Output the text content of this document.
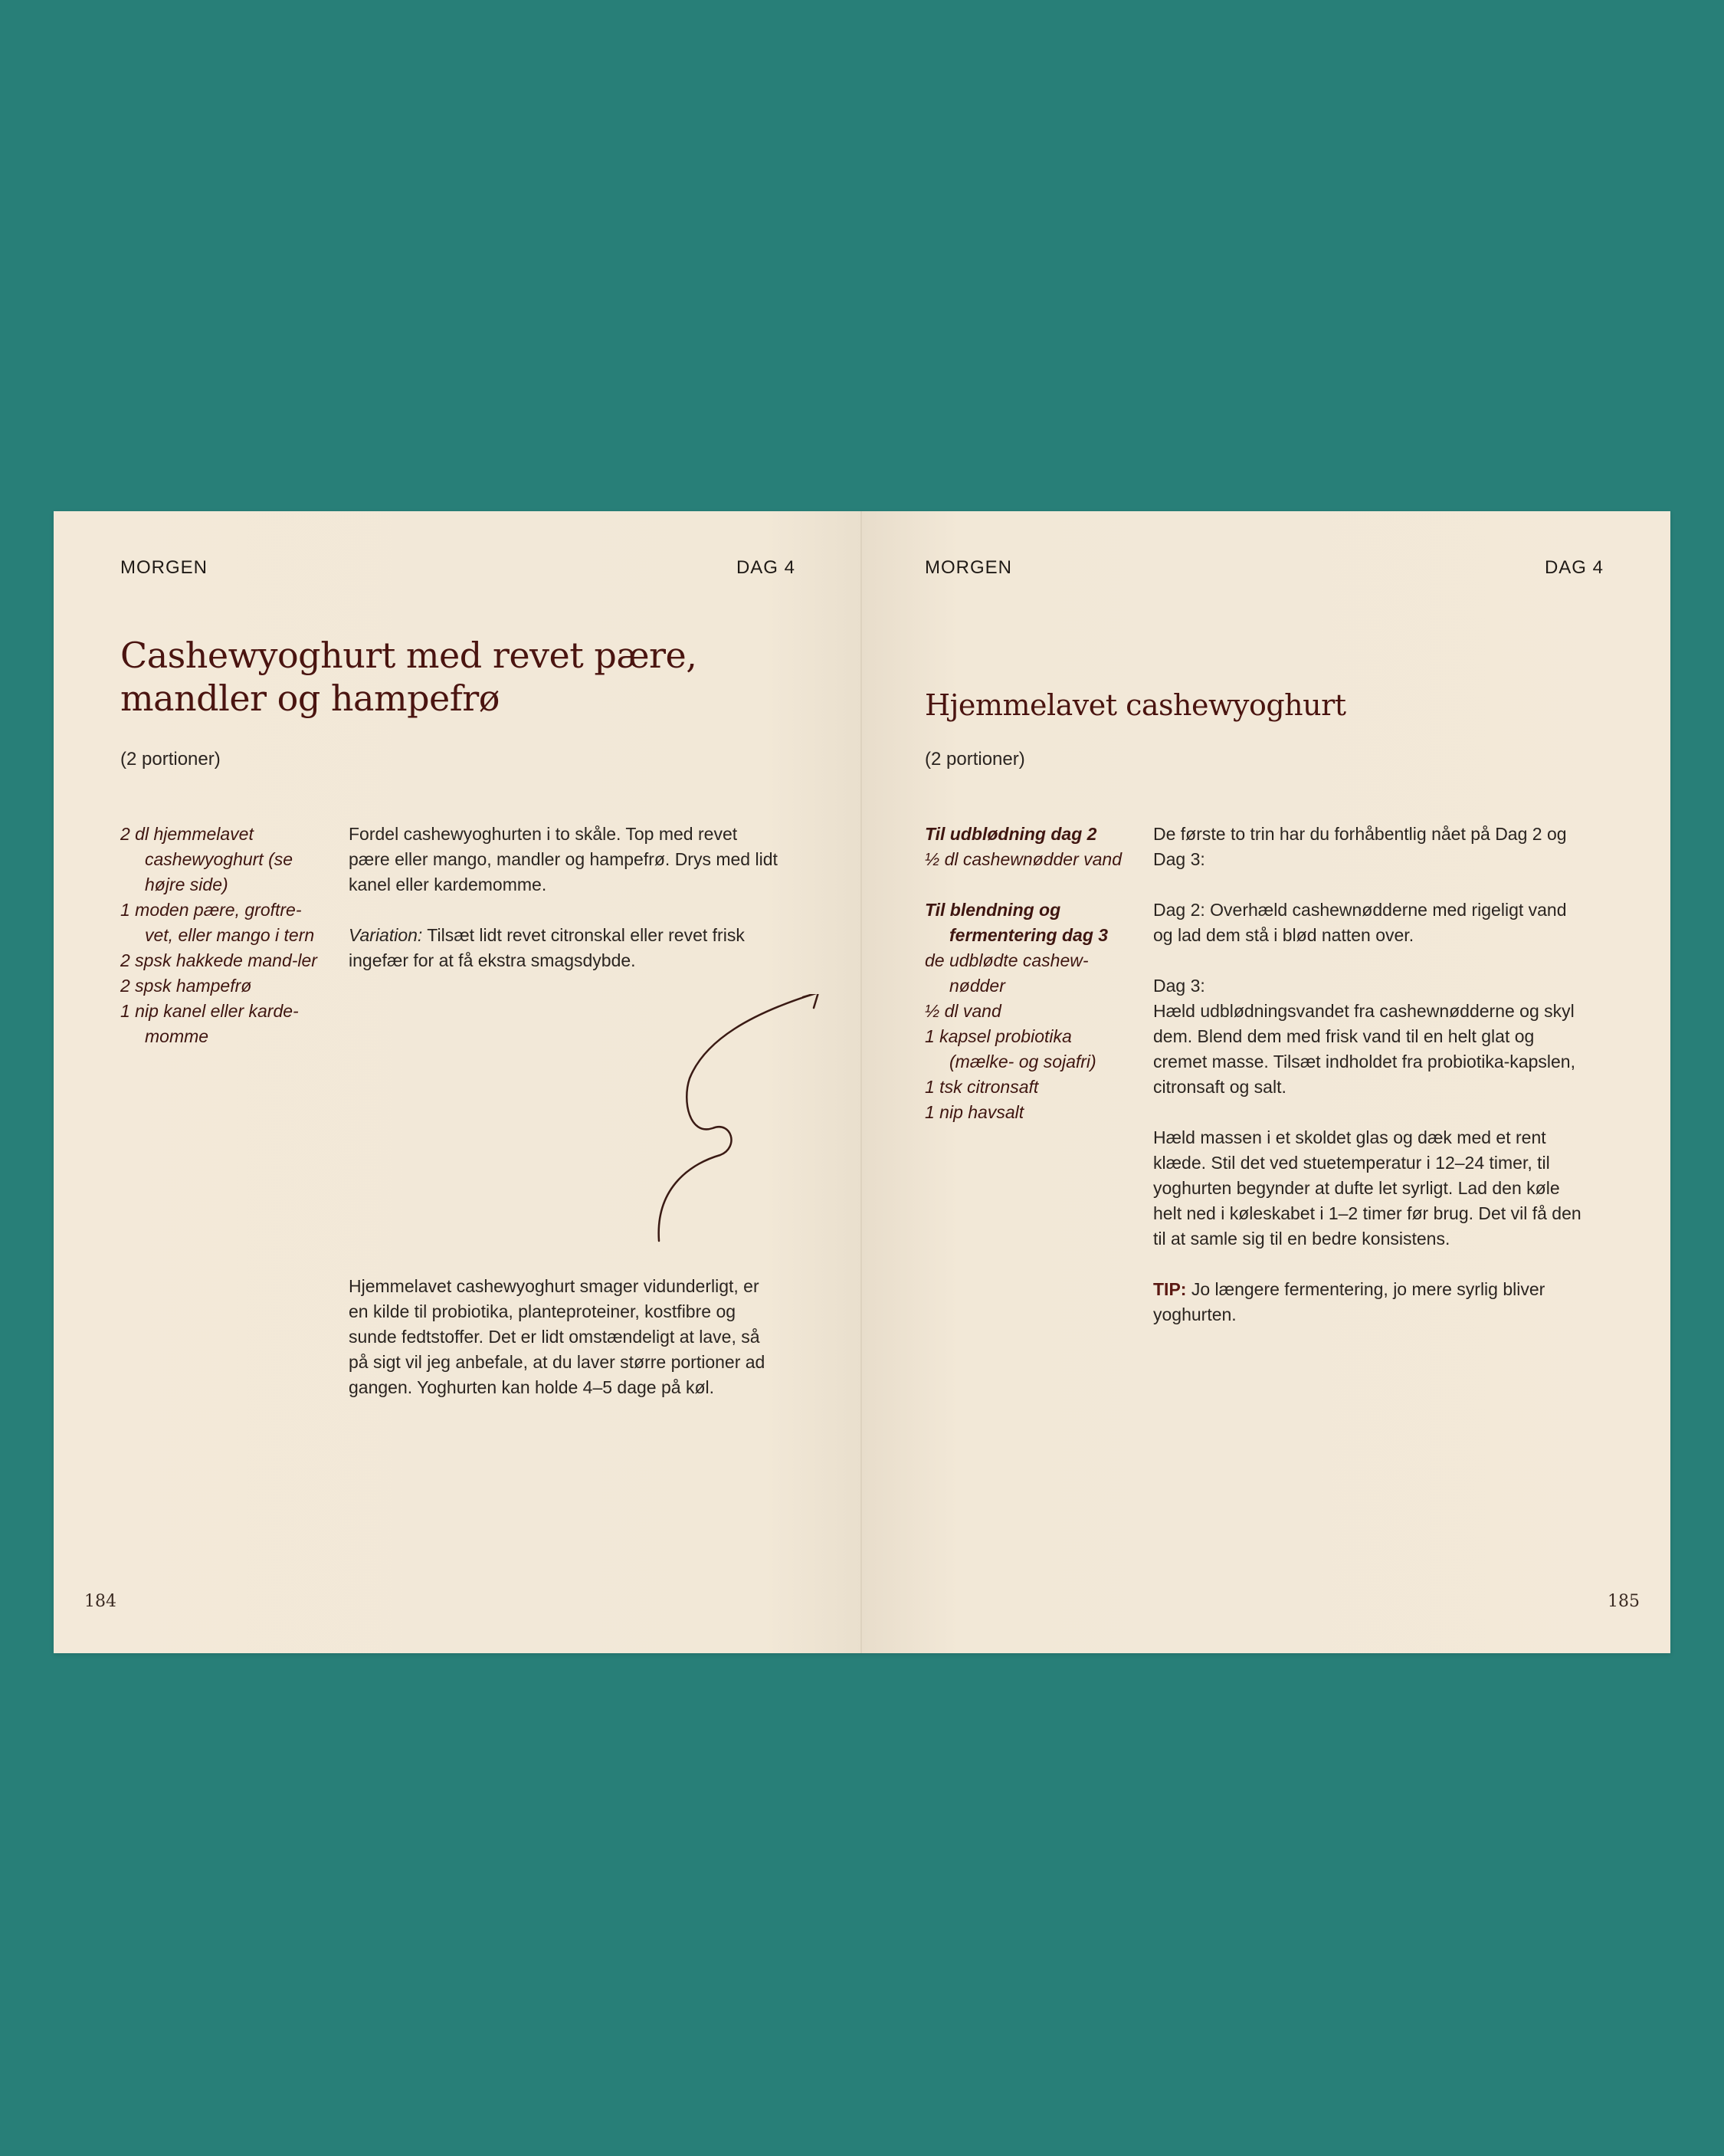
MORGEN	DAG 4
Cashewyoghurt med revet pære,
mandler og hampefrø
(2 portioner)
2 dl hjemmelavet cashewyoghurt (se højre side)
1 moden pære, groftre-vet, eller mango i tern
2 spsk hakkede mand-ler
2 spsk hampefrø
1 nip kanel eller karde-momme

Fordel cashewyoghurten i to skåle. Top med revet pære eller mango, mandler og hampefrø. Drys med lidt kanel eller kardemomme.

Variation: Tilsæt lidt revet citronskal eller revet frisk ingefær for at få ekstra smagsdybde.

Hjemmelavet cashewyoghurt smager vidunderligt, er en kilde til probiotika, planteproteiner, kostfibre og sunde fedtstoffer. Det er lidt omstændeligt at lave, så på sigt vil jeg anbefale, at du laver større portioner ad gangen. Yoghurten kan holde 4–5 dage på køl.

184
MORGEN	DAG 4
Hjemmelavet cashewyoghurt
(2 portioner)
Til udblødning dag 2
½ dl cashewnødder vand
Til blendning og fermentering dag 3
de udblødte cashew-nødder
½ dl vand
1 kapsel probiotika (mælke- og sojafri)
1 tsk citronsaft
1 nip havsalt

De første to trin har du forhåbentlig nået på Dag 2 og Dag 3:

Dag 2: Overhæld cashewnødderne med rigeligt vand og lad dem stå i blød natten over.

Dag 3:
Hæld udblødningsvandet fra cashewnødderne og skyl dem. Blend dem med frisk vand til en helt glat og cremet masse. Tilsæt indholdet fra probiotika-kapslen, citronsaft og salt.

Hæld massen i et skoldet glas og dæk med et rent klæde. Stil det ved stuetemperatur i 12–24 timer, til yoghurten begynder at dufte let syrligt. Lad den køle helt ned i køleskabet i 1–2 timer før brug. Det vil få den til at samle sig til en bedre konsistens.

TIP: Jo længere fermentering, jo mere syrlig bliver yoghurten.

185
